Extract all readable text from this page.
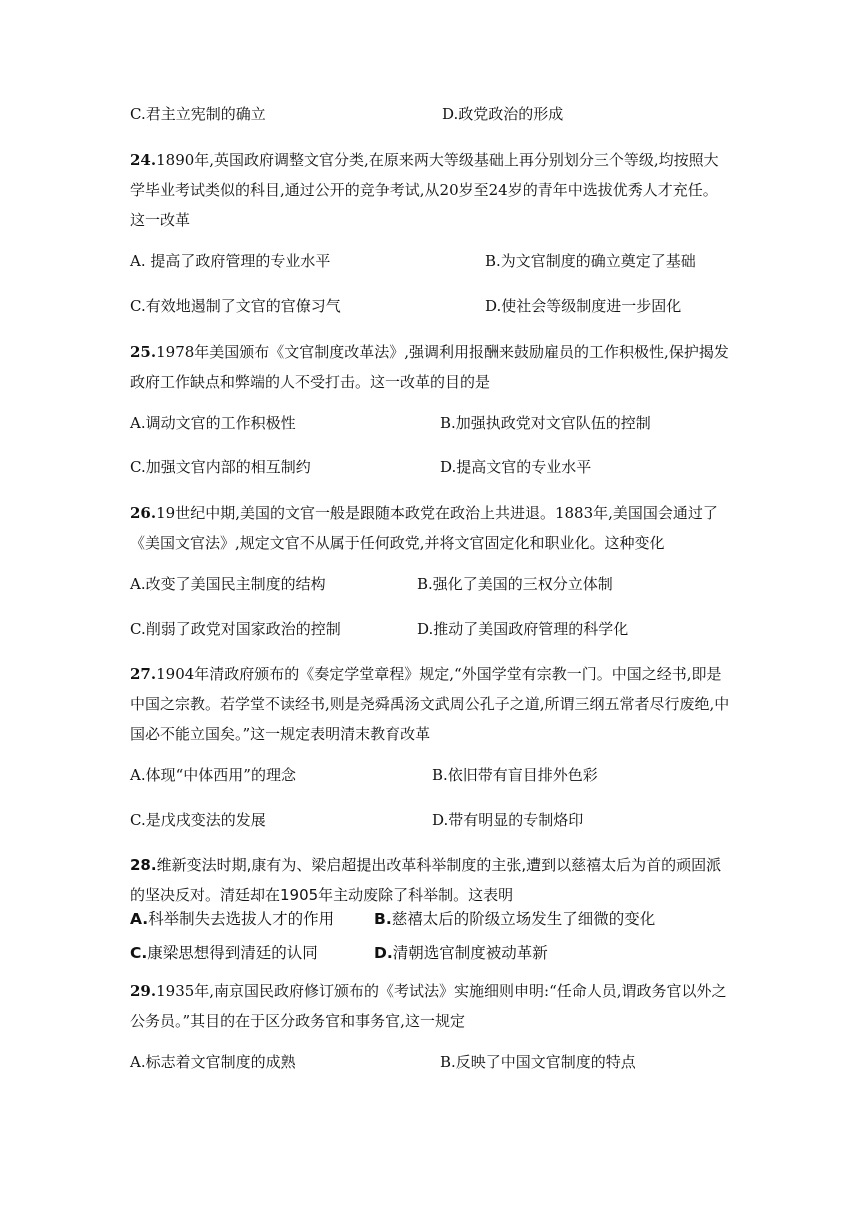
C.君主立宪制的确立	D.政党政治的形成
24.1890年,英国政府调整文官分类,在原来两大等级基础上再分别划分三个等级,均按照大学毕业考试类似的科目,通过公开的竞争考试,从20岁至24岁的青年中选拔优秀人才充任。这一改革
A. 提高了政府管理的专业水平	B.为文官制度的确立奠定了基础
C.有效地遏制了文官的官僚习气	D.使社会等级制度进一步固化
25.1978年美国颁布《文官制度改革法》,强调利用报酬来鼓励雇员的工作积极性,保护揭发政府工作缺点和弊端的人不受打击。这一改革的目的是
A.调动文官的工作积极性	B.加强执政党对文官队伍的控制
C.加强文官内部的相互制约	D.提高文官的专业水平
26.19世纪中期,美国的文官一般是跟随本政党在政治上共进退。1883年,美国国会通过了《美国文官法》,规定文官不从属于任何政党,并将文官固定化和职业化。这种变化
A.改变了美国民主制度的结构	B.强化了美国的三权分立体制
C.削弱了政党对国家政治的控制	D.推动了美国政府管理的科学化
27.1904年清政府颁布的《奏定学堂章程》规定,“外国学堂有宗教一门。中国之经书,即是中国之宗教。若学堂不读经书,则是尧舜禹汤文武周公孔子之道,所谓三纲五常者尽行废绝,中国必不能立国矣。”这一规定表明清末教育改革
A.体现“中体西用”的理念	B.依旧带有盲目排外色彩
C.是戊戌变法的发展	D.带有明显的专制烙印
28.维新变法时期,康有为、梁启超提出改革科举制度的主张,遭到以慈禧太后为首的顽固派的坚决反对。清廷却在1905年主动废除了科举制。这表明
A.科举制失去选拔人才的作用	B.慈禧太后的阶级立场发生了细微的变化
C.康梁思想得到清廷的认同	D.清朝选官制度被动革新
29.1935年,南京国民政府修订颁布的《考试法》实施细则申明:“任命人员,谓政务官以外之公务员。”其目的在于区分政务官和事务官,这一规定
A.标志着文官制度的成熟	B.反映了中国文官制度的特点
